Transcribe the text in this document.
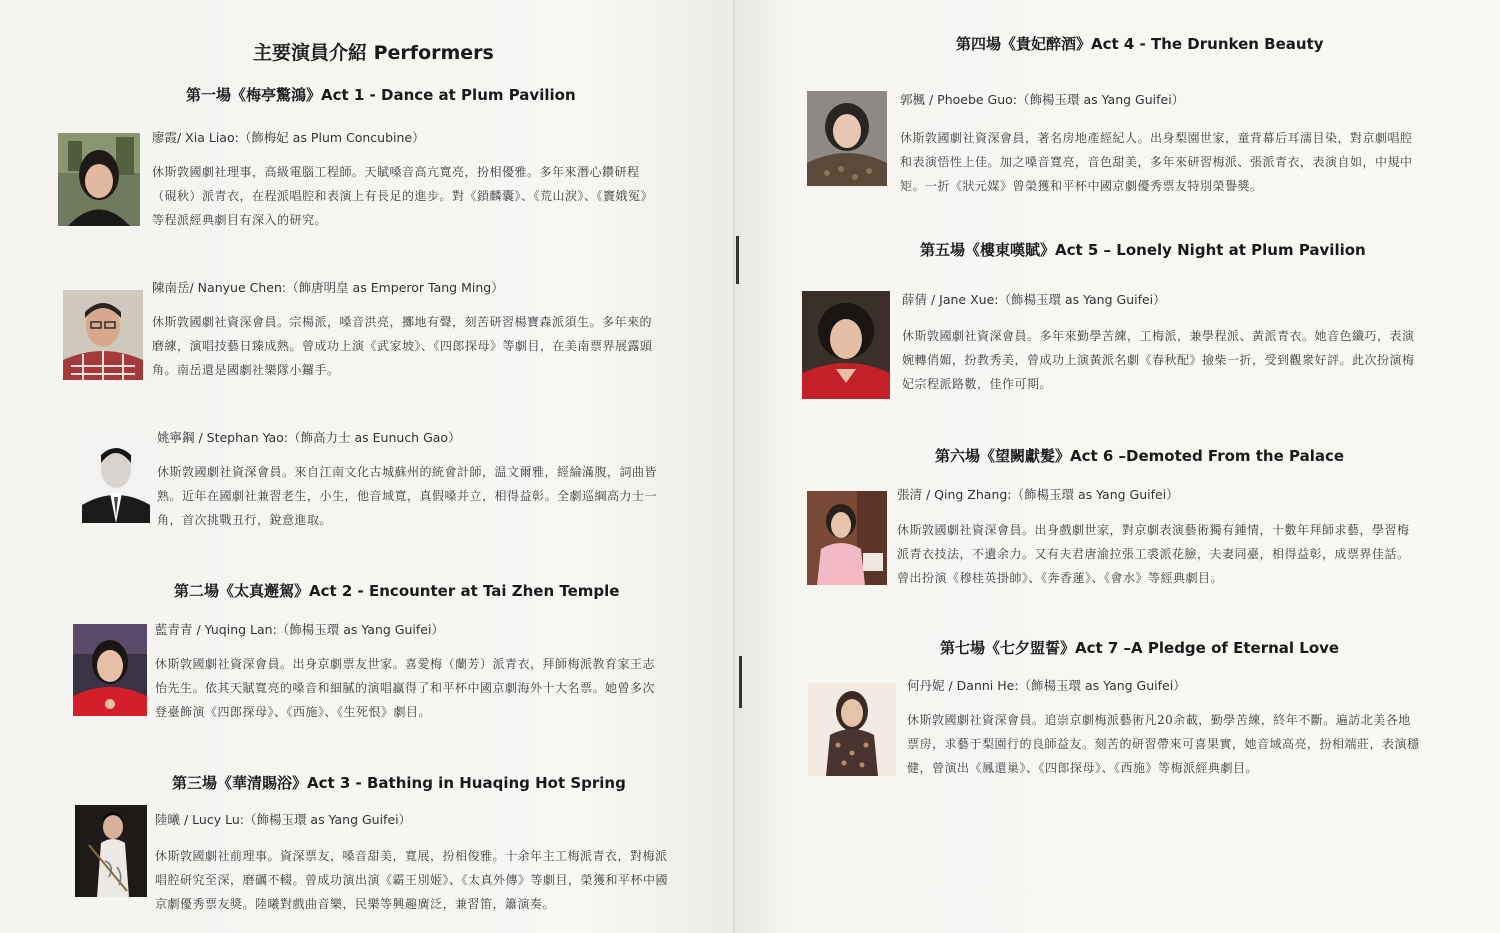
主要演員介紹 Performers
第一場《梅亭驚鴻》Act 1 - Dance at Plum Pavilion
廖霞/ Xia Liao:（飾梅妃 as Plum Concubine）
休斯敦國劇社理事，高級電腦工程師。天賦嗓音高亢寬亮，扮相優雅。多年來潛心鑽研程（硯秋）派青衣，在程派唱腔和表演上有長足的進步。對《鎖麟囊》、《荒山淚》、《竇娥冤》等程派經典劇目有深入的研究。
陳南岳/ Nanyue Chen:（飾唐明皇 as Emperor Tang Ming）
休斯敦國劇社資深會員。宗楊派，嗓音洪亮，擲地有聲，刻苦研習楊寶森派須生。多年來的磨練，演唱技藝日臻成熟。曾成功上演《武家坡》、《四郎探母》等劇目，在美南票界展露頭角。南岳還是國劇社樂隊小鑼手。
姚寧鋼 / Stephan Yao:（飾高力士 as Eunuch Gao）
休斯敦國劇社資深會員。來自江南文化古城蘇州的統會計師，温文爾雅，經綸滿腹，詞曲皆熟。近年在國劇社兼習老生，小生，他音域寬，真假嗓并立，相得益彰。全劇巡綱高力士一角，首次挑戰丑行，銳意進取。
第二場《太真邂駕》Act 2 - Encounter at Tai Zhen Temple
藍青青 / Yuqing Lan:（飾楊玉環 as Yang Guifei）
休斯敦國劇社資深會員。出身京劇票友世家。喜愛梅（蘭芳）派青衣，拜師梅派教育家王志怡先生。依其天賦寬亮的嗓音和細膩的演唱贏得了和平杯中國京劇海外十大名票。她曾多次登臺飾演《四郎探母》、《西施》、《生死恨》劇目。
第三場《華清賜浴》Act 3 - Bathing in Huaqing Hot Spring
陸曦 / Lucy Lu:（飾楊玉環 as Yang Guifei）
休斯敦國劇社前理事。資深票友，嗓音甜美，寬展，扮相俊雅。十余年主工梅派青衣，對梅派唱腔研究至深，磨礪不輟。曾成功演出演《霸王別姬》、《太真外傳》等劇目，榮獲和平杯中國京劇優秀票友獎。陸曦對戲曲音樂，民樂等興趣廣泛，兼習笛，簫演奏。
第四場《貴妃醉酒》Act 4 - The Drunken Beauty
郭楓 / Phoebe Guo:（飾楊玉環 as Yang Guifei）
休斯敦國劇社資深會員，著名房地產經紀人。出身梨園世家，童背幕后耳濡目染，對京劇唱腔和表演悟性上佳。加之嗓音寬亮，音色甜美，多年來研習梅派、張派青衣，表演自如，中規中矩。一折《狀元媒》曾榮獲和平杯中國京劇優秀票友特別榮譽獎。
第五場《樓東嘆賦》Act 5 – Lonely Night at Plum Pavilion
薛倩 / Jane Xue:（飾楊玉環 as Yang Guifei）
休斯敦國劇社資深會員。多年來勤學苦練，工梅派，兼學程派、黃派青衣。她音色纖巧，表演婉轉俏媚，扮教秀美，曾成功上演黃派名劇《春秋配》撿柴一折，受到觀衆好評。此次扮演梅妃宗程派路數，佳作可期。
第六場《望闕獻髮》Act 6 –Demoted From the Palace
張清 / Qing Zhang:（飾楊玉環 as Yang Guifei）
休斯敦國劇社資深會員。出身戲劇世家，對京劇表演藝術獨有鍾情，十數年拜師求藝，學習梅派青衣技法，不遺余力。又有夫君唐渝拉張工裘派花臉，夫妻同臺，相得益彰，成票界佳話。曾出扮演《穆桂英掛帥》、《奔香蓮》、《會水》等經典劇目。
第七場《七夕盟誓》Act 7 –A Pledge of Eternal Love
何丹妮 / Danni He:（飾楊玉環 as Yang Guifei）
休斯敦國劇社資深會員。追崇京劇梅派藝術凡20余載，勤學苦練，終年不斷。遍訪北美各地票房，求藝于梨園行的良師益友。刻苦的研習帶來可喜果實，她音域高亮，扮相端莊，表演穩健，曾演出《鳳還巢》、《四郎探母》、《西施》等梅派經典劇目。
